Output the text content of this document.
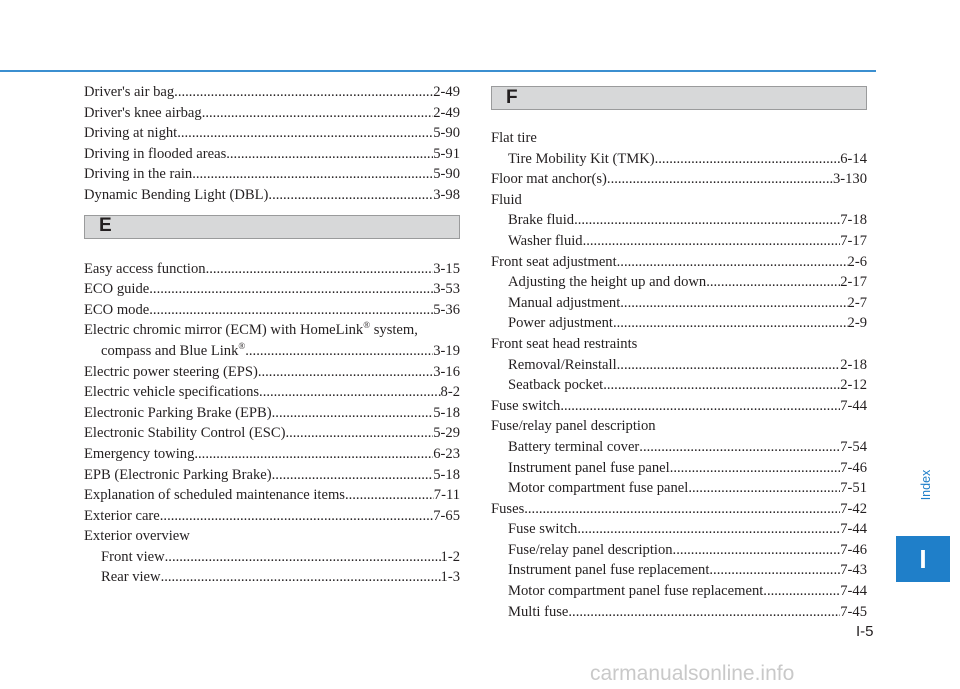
Driver's air bag .....	2-49
Driver's knee airbag .....	2-49
Driving at night .....	5-90
Driving in flooded areas .....	5-91
Driving in the rain .....	5-90
Dynamic Bending Light (DBL) .....	3-98
E
Easy access function .....	3-15
ECO guide .....	3-53
ECO mode .....	5-36
Electric chromic mirror (ECM) with HomeLink® system,
compass and Blue Link® .....	3-19
Electric power steering (EPS) .....	3-16
Electric vehicle specifications .....	8-2
Electronic Parking Brake (EPB) .....	5-18
Electronic Stability Control (ESC) .....	5-29
Emergency towing .....	6-23
EPB (Electronic Parking Brake) .....	5-18
Explanation of scheduled maintenance items .....	7-11
Exterior care .....	7-65
Exterior overview
Front view .....	1-2
Rear view .....	1-3
F
Flat tire
Tire Mobility Kit (TMK) .....	6-14
Floor mat anchor(s) .....	3-130
Fluid
Brake fluid .....	7-18
Washer fluid .....	7-17
Front seat adjustment .....	2-6
Adjusting the height up and down .....	2-17
Manual adjustment .....	2-7
Power adjustment .....	2-9
Front seat head restraints
Removal/Reinstall .....	2-18
Seatback pocket .....	2-12
Fuse switch .....	7-44
Fuse/relay panel description
Battery terminal cover .....	7-54
Instrument panel fuse panel .....	7-46
Motor compartment fuse panel .....	7-51
Fuses .....	7-42
Fuse switch .....	7-44
Fuse/relay panel description .....	7-46
Instrument panel fuse replacement .....	7-43
Motor compartment panel fuse replacement .....	7-44
Multi fuse .....	7-45
Index
I
I-5
carmanualsonline.info
